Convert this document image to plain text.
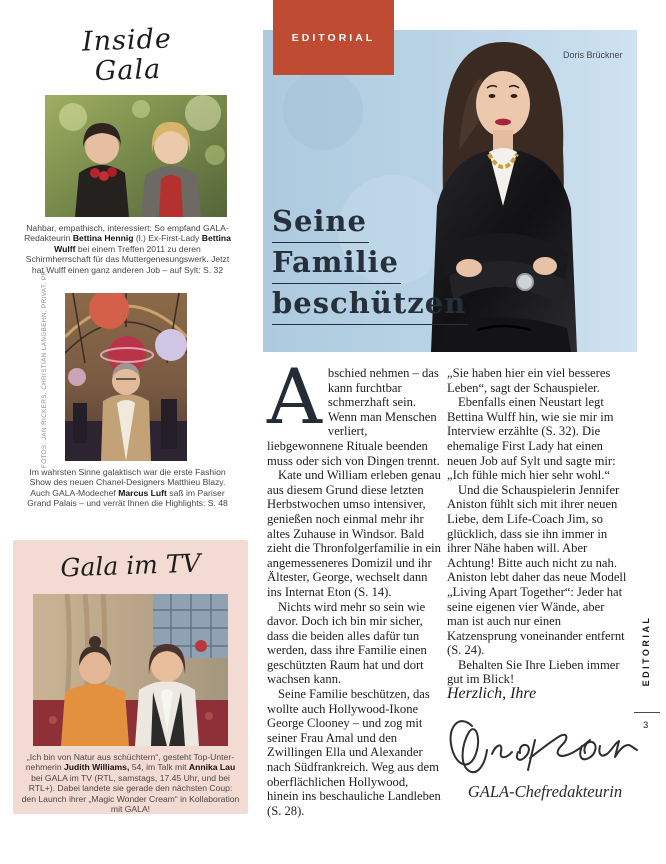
Inside
Gala

Nahbar, empathisch, interessiert: So empfand GALA-Redakteurin Bettina Hennig (l.) Ex-First-Lady Bettina Wulff bei einem Treffen 2011 zu deren Schirmherrschaft für das Muttergenesungswerk. Jetzt hat Wulff einen ganz anderen Job – auf Sylt: S. 32

FOTOS: JAN RICKERS, CHRISTIAN LANGBEHN, PRIVAT, PR

Im wahrsten Sinne galaktisch war die erste Fashion Show des neuen Chanel-Designers Matthieu Blazy. Auch GALA-Modechef Marcus Luft saß im Pariser Grand Palais – und verrät Ihnen die Highlights: S. 48

Gala im TV

„Ich bin von Natur aus schüchtern“, gesteht Top-Unternehmerin Judith Williams, 54, im Talk mit Annika Lau bei GALA im TV (RTL, samstags, 17.45 Uhr, und bei RTL+). Dabei landete sie gerade den nächsten Coup: den Launch ihrer „Magic Wonder Cream“ in Kollaboration mit GALA!

Doris Brückner
EDITORIAL
Seine
Familie
beschützen

Abschied nehmen – das kann furchtbar schmerzhaft sein. Wenn man Menschen verliert, liebgewonnene Rituale beenden muss oder sich von Dingen trennt.

Kate und William erleben genau aus diesem Grund diese letzten Herbstwochen umso intensiver, genießen noch einmal mehr ihr altes Zuhause in Windsor. Bald zieht die Thronfolgerfamilie in ein angemesseneres Domizil und ihr Ältester, George, wechselt dann ins Internat Eton (S. 14).

Nichts wird mehr so sein wie davor. Doch ich bin mir sicher, dass die beiden alles dafür tun werden, dass ihre Familie einen geschützten Raum hat und dort wachsen kann.

Seine Familie beschützen, das wollte auch Hollywood-Ikone George Clooney – und zog mit seiner Frau Amal und den Zwillingen Ella und Alexander nach Südfrankreich. Weg aus dem oberflächlichen Hollywood, hinein ins beschauliche Landleben (S. 28).

„Sie haben hier ein viel besseres Leben“, sagt der Schauspieler.

Ebenfalls einen Neustart legt Bettina Wulff hin, wie sie mir im Interview erzählte (S. 32). Die ehemalige First Lady hat einen neuen Job auf Sylt und sagte mir: „Ich fühle mich hier sehr wohl.“

Und die Schauspielerin Jennifer Aniston fühlt sich mit ihrer neuen Liebe, dem Life-Coach Jim, so glücklich, dass sie ihn immer in ihrer Nähe haben will. Aber Achtung! Bitte auch nicht zu nah. Aniston lebt daher das neue Modell „Living Apart Together“: Jeder hat seine eigenen vier Wände, aber man ist auch nur einen Katzensprung voneinander entfernt (S. 24).

Behalten Sie Ihre Lieben immer gut im Blick!

Herzlich, Ihre

GALA-Chefredakteurin
EDITORIAL
3
